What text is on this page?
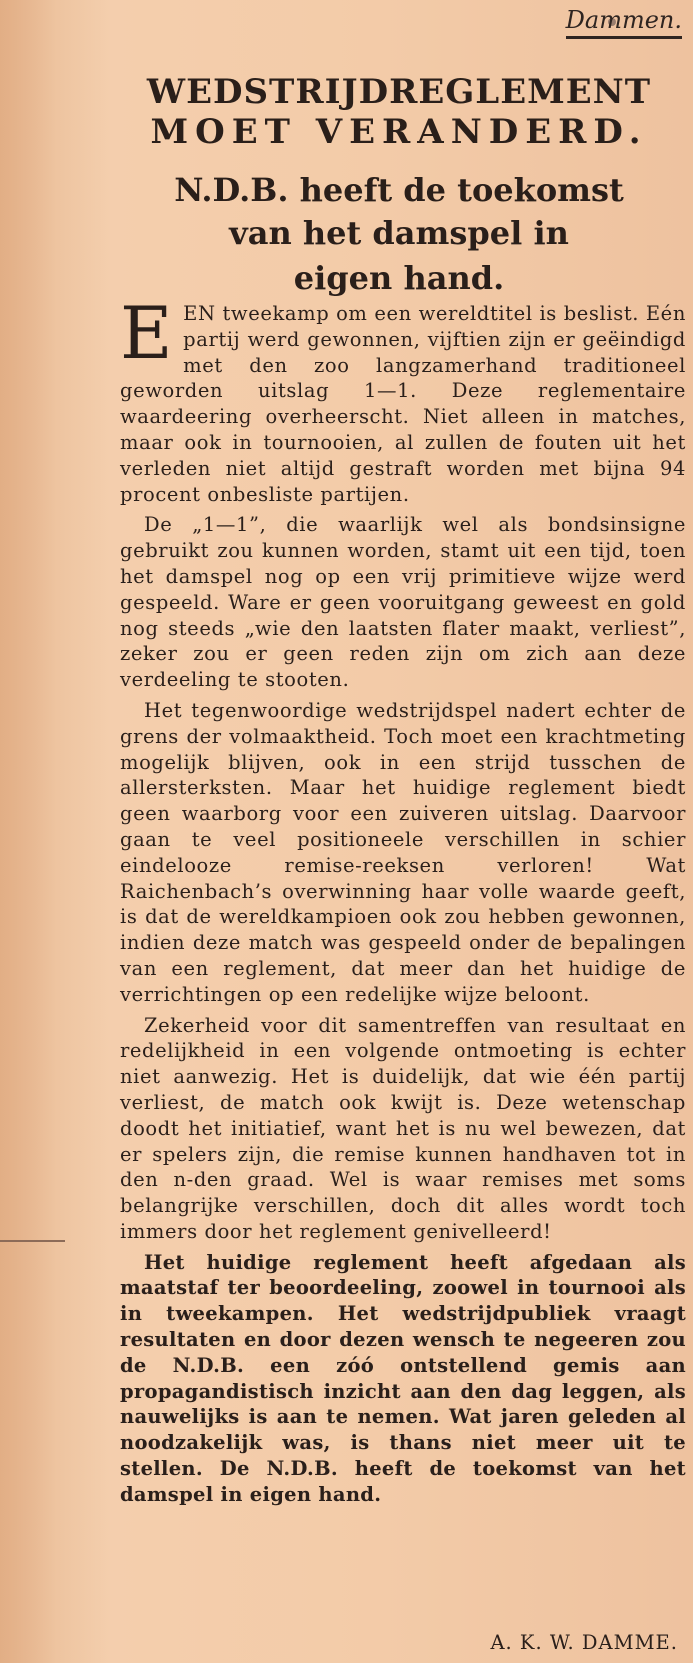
Dammen.
WEDSTRIJDREGLEMENT
MOET VERANDERD.
N.D.B. heeft de toekomst
van het damspel in
eigen hand.

EEN tweekamp om een wereldtitel is beslist. Eén partij werd gewonnen, vijftien zijn er geëindigd met den zoo langzamerhand traditioneel geworden uitslag 1—1. Deze reglementaire waardeering overheerscht. Niet alleen in matches, maar ook in tournooien, al zullen de fouten uit het verleden niet altijd gestraft worden met bijna 94 procent onbesliste partijen.

De „1—1”, die waarlijk wel als bondsinsigne gebruikt zou kunnen worden, stamt uit een tijd, toen het damspel nog op een vrij primitieve wijze werd gespeeld. Ware er geen vooruitgang geweest en gold nog steeds „wie den laatsten flater maakt, verliest”, zeker zou er geen reden zijn om zich aan deze verdeeling te stooten.

Het tegenwoordige wedstrijdspel nadert echter de grens der volmaaktheid. Toch moet een krachtmeting mogelijk blijven, ook in een strijd tusschen de allersterksten. Maar het huidige reglement biedt geen waarborg voor een zuiveren uitslag. Daarvoor gaan te veel positioneele verschillen in schier eindelooze remise-reeksen verloren! Wat Raichenbach’s overwinning haar volle waarde geeft, is dat de wereldkampioen ook zou hebben gewonnen, indien deze match was gespeeld onder de bepalingen van een reglement, dat meer dan het huidige de verrichtingen op een redelijke wijze beloont.

Zekerheid voor dit samentreffen van resultaat en redelijkheid in een volgende ontmoeting is echter niet aanwezig. Het is duidelijk, dat wie één partij verliest, de match ook kwijt is. Deze wetenschap doodt het initiatief, want het is nu wel bewezen, dat er spelers zijn, die remise kunnen handhaven tot in den n-den graad. Wel is waar remises met soms belangrijke verschillen, doch dit alles wordt toch immers door het reglement genivelleerd!

Het huidige reglement heeft afgedaan als maatstaf ter beoordeeling, zoowel in tournooi als in tweekampen. Het wedstrijdpubliek vraagt resultaten en door dezen wensch te negeeren zou de N.D.B. een zóó ontstellend gemis aan propagandistisch inzicht aan den dag leggen, als nauwelijks is aan te nemen. Wat jaren geleden al noodzakelijk was, is thans niet meer uit te stellen. De N.D.B. heeft de toekomst van het damspel in eigen hand.

A. K. W. DAMME.
